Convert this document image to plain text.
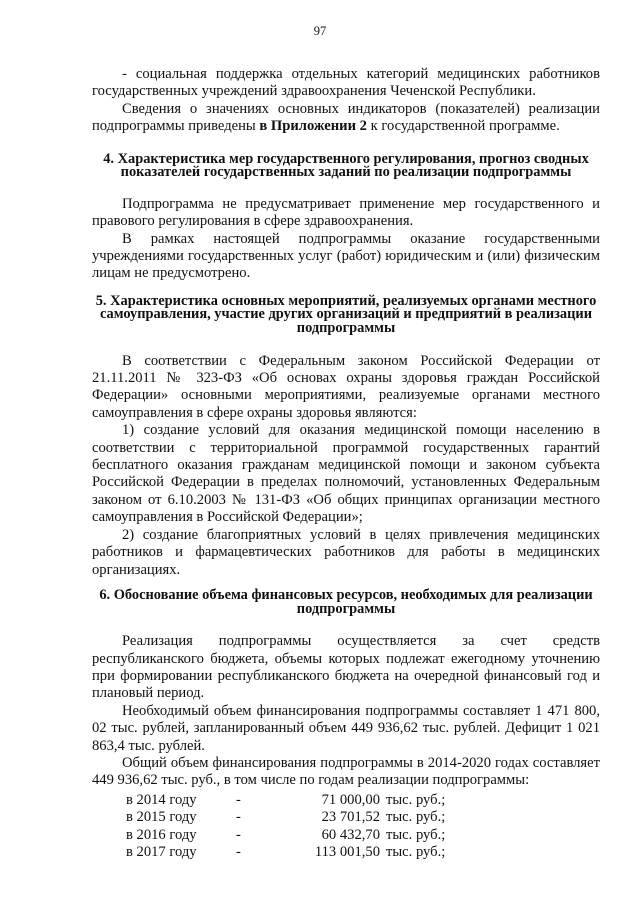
97

- социальная поддержка отдельных категорий медицинских работников государственных учреждений здравоохранения Чеченской Республики.

Сведения о значениях основных индикаторов (показателей) реализации подпрограммы приведены в Приложении 2 к государственной программе.

4. Характеристика мер государственного регулирования, прогноз сводных показателей государственных заданий по реализации подпрограммы

Подпрограмма не предусматривает применение мер государственного и правового регулирования в сфере здравоохранения.

В рамках настоящей подпрограммы оказание государственными учреждениями государственных услуг (работ) юридическим и (или) физическим лицам не предусмотрено.

5. Характеристика основных мероприятий, реализуемых органами местного самоуправления, участие других организаций и предприятий в реализации подпрограммы

В соответствии с Федеральным законом Российской Федерации от 21.11.2011 № 323-ФЗ «Об основах охраны здоровья граждан Российской Федерации» основными мероприятиями, реализуемые органами местного самоуправления в сфере охраны здоровья являются:

1) создание условий для оказания медицинской помощи населению в соответствии с территориальной программой государственных гарантий бесплатного оказания гражданам медицинской помощи и законом субъекта Российской Федерации в пределах полномочий, установленных Федеральным законом от 6.10.2003 № 131-ФЗ «Об общих принципах организации местного самоуправления в Российской Федерации»;

2) создание благоприятных условий в целях привлечения медицинских работников и фармацевтических работников для работы в медицинских организациях.

6. Обоснование объема финансовых ресурсов, необходимых для реализации подпрограммы

Реализация подпрограммы осуществляется за счет средств республиканского бюджета, объемы которых подлежат ежегодному уточнению при формировании республиканского бюджета на очередной финансовый год и плановый период.

Необходимый объем финансирования подпрограммы составляет 1 471 800, 02 тыс. рублей, запланированный объем 449 936,62 тыс. рублей. Дефицит 1 021 863,4 тыс. рублей.

Общий объем финансирования подпрограммы в 2014-2020 годах составляет 449 936,62 тыс. руб., в том числе по годам реализации подпрограммы:

в 2014 году	-	71 000,00	тыс. руб.;
в 2015 году	-	23 701,52	тыс. руб.;
в 2016 году	-	60 432,70	тыс. руб.;
в 2017 году	-	113 001,50	тыс. руб.;
